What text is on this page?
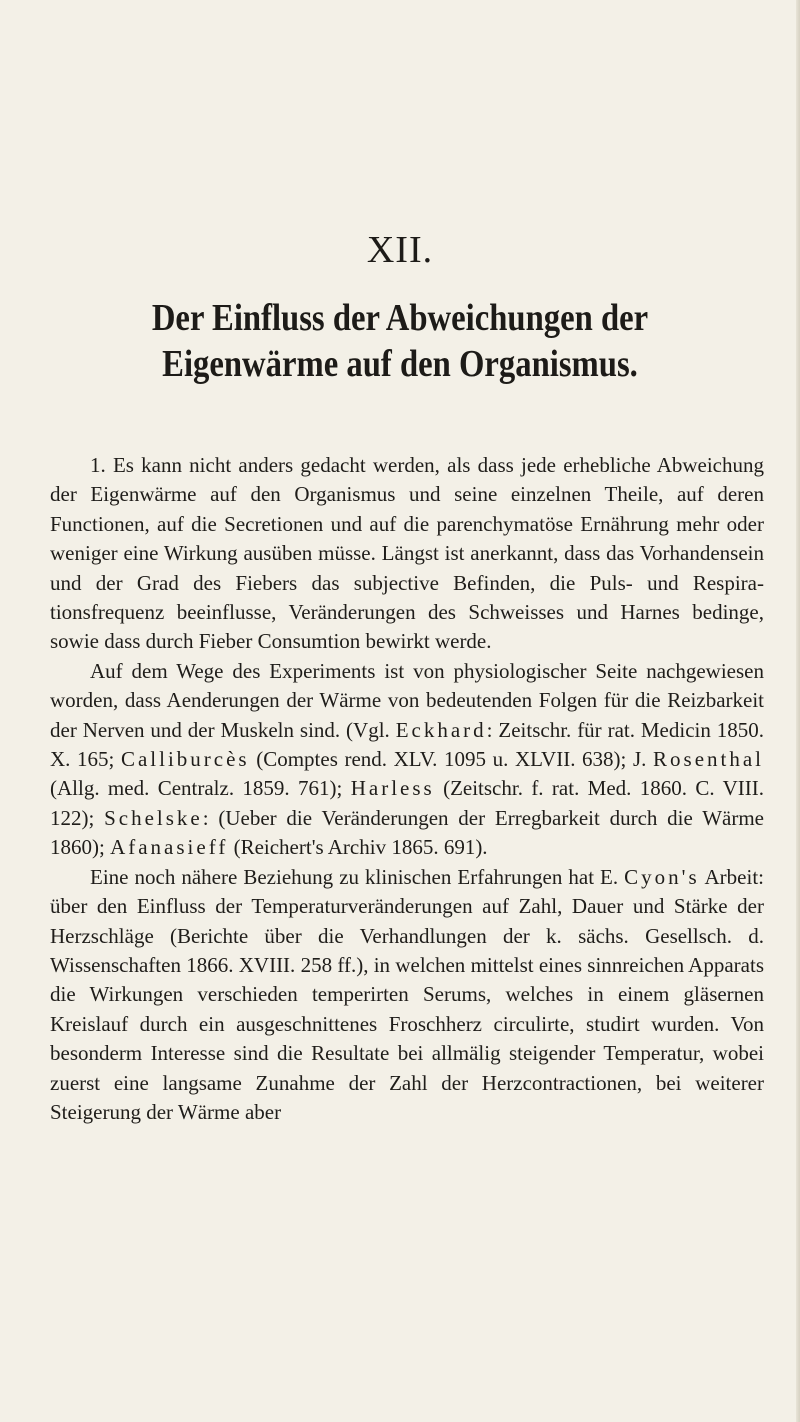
XII.
Der Einfluss der Abweichungen der Eigenwärme auf den Organismus.

1. Es kann nicht anders gedacht werden, als dass jede erhebliche Abweichung der Eigenwärme auf den Organismus und seine einzelnen Theile, auf deren Functionen, auf die Secretionen und auf die parenchymatöse Ernährung mehr oder weniger eine Wirkung ausüben müsse. Längst ist anerkannt, dass das Vorhandensein und der Grad des Fiebers das subjective Befinden, die Puls- und Respirationsfrequenz beeinflusse, Veränderungen des Schweisses und Harnes bedinge, sowie dass durch Fieber Consumtion bewirkt werde.

Auf dem Wege des Experiments ist von physiologischer Seite nachgewiesen worden, dass Aenderungen der Wärme von bedeutenden Folgen für die Reizbarkeit der Nerven und der Muskeln sind. (Vgl. Eckhard: Zeitschr. für rat. Medicin 1850. X. 165; Calliburcès (Comptes rend. XLV. 1095 u. XLVII. 638); J. Rosenthal (Allg. med. Centralz. 1859. 761); Harless (Zeitschr. f. rat. Med. 1860. C. VIII. 122); Schelske: (Ueber die Veränderungen der Erregbarkeit durch die Wärme 1860); Afanasieff (Reichert's Archiv 1865. 691).

Eine noch nähere Beziehung zu klinischen Erfahrungen hat E. Cyon's Arbeit: über den Einfluss der Temperaturveränderungen auf Zahl, Dauer und Stärke der Herzschläge (Berichte über die Verhandlungen der k. sächs. Gesellsch. d. Wissenschaften 1866. XVIII. 258 ff.), in welchen mittelst eines sinnreichen Apparats die Wirkungen verschieden temperirten Serums, welches in einem gläsernen Kreislauf durch ein ausgeschnittenes Froschherz circulirte, studirt wurden. Von besonderm Interesse sind die Resultate bei allmälig steigender Temperatur, wobei zuerst eine langsame Zunahme der Zahl der Herzcontractionen, bei weiterer Steigerung der Wärme aber
